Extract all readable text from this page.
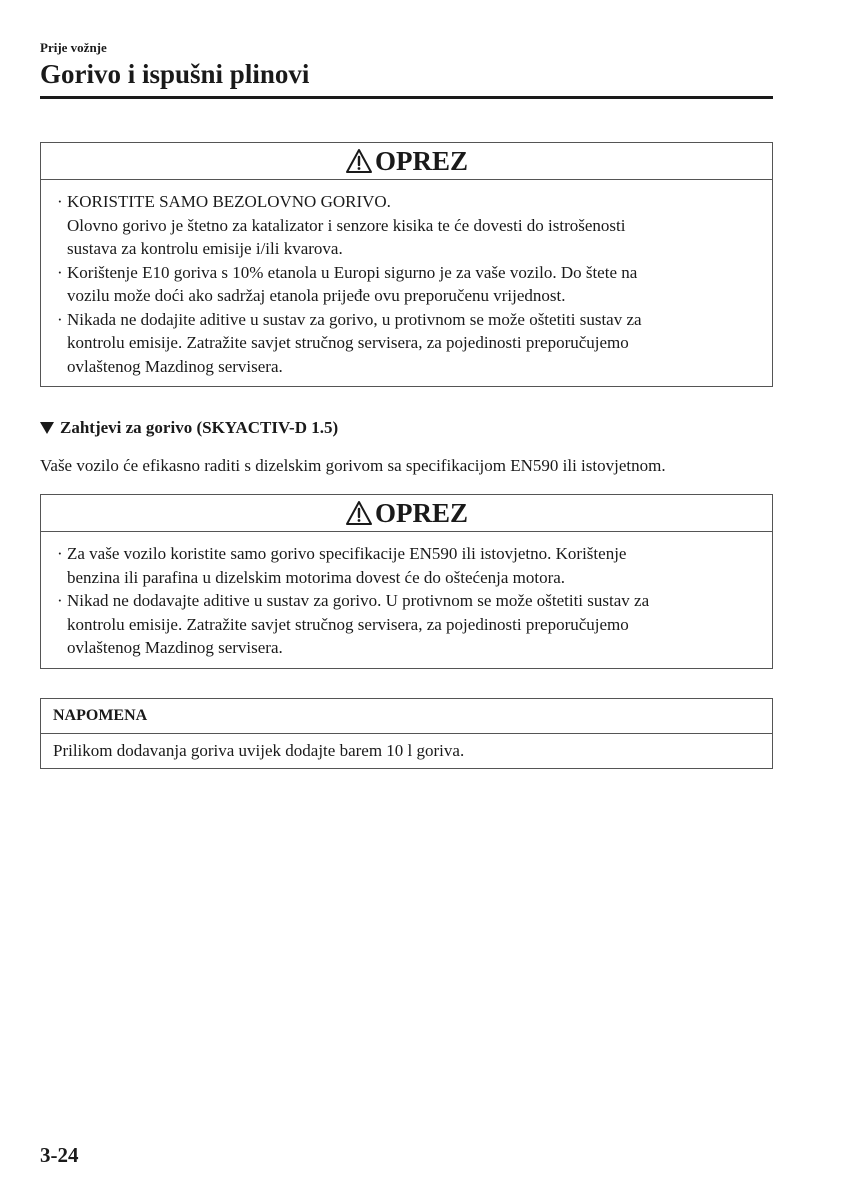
Prije vožnje
Gorivo i ispušni plinovi
OPREZ
· KORISTITE SAMO BEZOLOVNO GORIVO.
Olovno gorivo je štetno za katalizator i senzore kisika te će dovesti do istrošenosti
sustava za kontrolu emisije i/ili kvarova.
· Korištenje E10 goriva s 10% etanola u Europi sigurno je za vaše vozilo. Do štete na
vozilu može doći ako sadržaj etanola prijeđe ovu preporučenu vrijednost.
· Nikada ne dodajite aditive u sustav za gorivo, u protivnom se može oštetiti sustav za
kontrolu emisije. Zatražite savjet stručnog servisera, za pojedinosti preporučujemo
ovlaštenog Mazdinog servisera.
Zahtjevi za gorivo (SKYACTIV-D 1.5)
Vaše vozilo će efikasno raditi s dizelskim gorivom sa specifikacijom EN590 ili istovjetnom.
OPREZ
· Za vaše vozilo koristite samo gorivo specifikacije EN590 ili istovjetno. Korištenje
benzina ili parafina u dizelskim motorima dovest će do oštećenja motora.
· Nikad ne dodavajte aditive u sustav za gorivo. U protivnom se može oštetiti sustav za
kontrolu emisije. Zatražite savjet stručnog servisera, za pojedinosti preporučujemo
ovlaštenog Mazdinog servisera.
NAPOMENA
Prilikom dodavanja goriva uvijek dodajte barem 10 l goriva.
3-24
